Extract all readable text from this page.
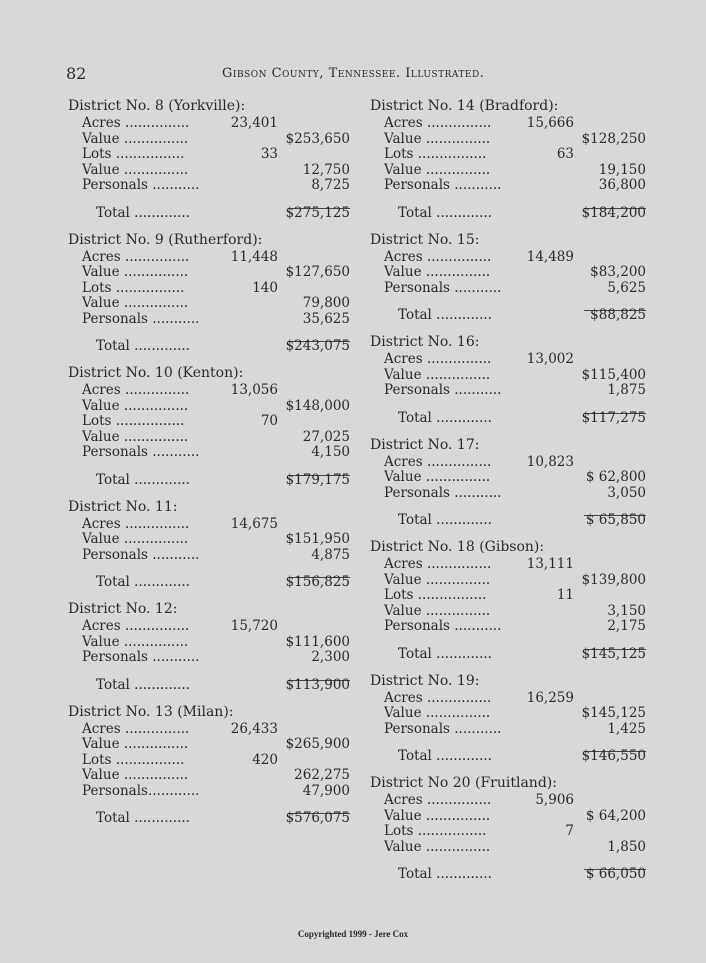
82	Gibson County, Tennessee. Illustrated.
District No. 8 (Yorkville):
Acres ...............	23,401
Value ...............	$253,650
Lots ................	33
Value ...............	12,750
Personals ...........	8,725
Total .............	$275,125
District No. 9 (Rutherford):
Acres ...............	11,448
Value ...............	$127,650
Lots ................	140
Value ...............	79,800
Personals ...........	35,625
Total .............	$243,075
District No. 10 (Kenton):
Acres ...............	13,056
Value ...............	$148,000
Lots ................	70
Value ...............	27,025
Personals ...........	4,150
Total .............	$179,175
District No. 11:
Acres ...............	14,675
Value ...............	$151,950
Personals ...........	4,875
Total .............	$156,825
District No. 12:
Acres ...............	15,720
Value ...............	$111,600
Personals ...........	2,300
Total .............	$113,900
District No. 13 (Milan):
Acres ...............	26,433
Value ...............	$265,900
Lots ................	420
Value ...............	262,275
Personals............	47,900
Total .............	$576,075
District No. 14 (Bradford):
Acres ...............	15,666
Value ...............	$128,250
Lots ................	63
Value ...............	19,150
Personals ...........	36,800
Total .............	$184,200
District No. 15:
Acres ...............	14,489
Value ...............	$83,200
Personals ...........	5,625
Total .............	$88,825
District No. 16:
Acres ...............	13,002
Value ...............	$115,400
Personals ...........	1,875
Total .............	$117,275
District No. 17:
Acres ...............	10,823
Value ...............	$ 62,800
Personals ...........	3,050
Total .............	$ 65,850
District No. 18 (Gibson):
Acres ...............	13,111
Value ...............	$139,800
Lots ................	11
Value ...............	3,150
Personals ...........	2,175
Total .............	$145,125
District No. 19:
Acres ...............	16,259
Value ...............	$145,125
Personals ...........	1,425
Total .............	$146,550
District No 20 (Fruitland):
Acres ...............	5,906
Value ...............	$ 64,200
Lots ................	7
Value ...............	1,850
Total .............	$ 66,050
Copyrighted 1999 - Jere Cox
